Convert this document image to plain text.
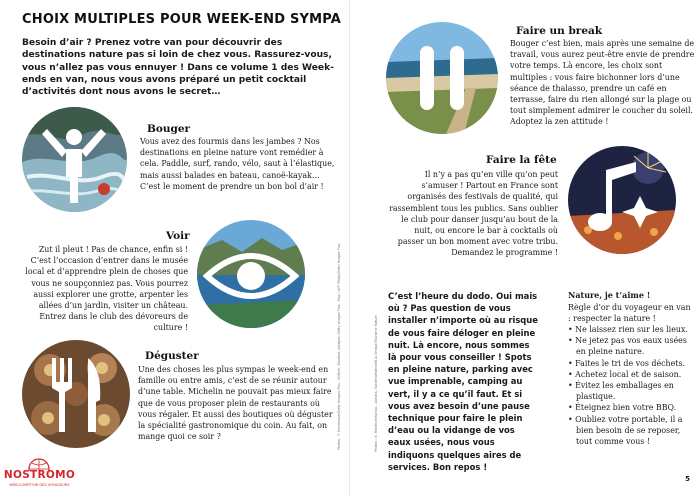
CHOIX MULTIPLES POUR WEEK-END SYMPA

Besoin d’air ? Prenez votre van pour découvrir des destinations nature pas si loin de chez vous. Rassurez-vous, vous n’allez pas vous ennuyer ! Dans ce volume 1 des Week-ends en van, nous vous avons préparé un petit cocktail d’activités dont nous avons le secret…

Bouger

Vous avez des fourmis dans les jambes ? Nos destinations en pleine nature vont remédier à cela. Paddle, surf, rando, vélo, saut à l’élastique, mais aussi balades en bateau, canoë-kayak… C’est le moment de prendre un bon bol d’air !

Voir

Zut il pleut ! Pas de chance, enfin si ! C’est l’occasion d’entrer dans le musée local et d’apprendre plein de choses que vous ne soupçonniez pas. Vous pourrez aussi explorer une grotte, arpenter les allées d’un jardin, visiter un château. Entrez dans le club des dévoreurs de culture !

Déguster

Une des choses les plus sympas le week-end en famille ou entre amis, c’est de se réunir autour d’une table. Michelin ne pouvait pas mieux faire que de vous proposer plein de restaurants où vous régaler. Et aussi des boutiques où déguster la spécialité gastronomique du coin. Au fait, on mange quoi ce soir ?	Photos : P. Dominique/Getty Images Plus - ROBcm, Stocktar, Jultapes, Getty Images Plus - Max / AFP Photo/Getty Images Plus
NOSTROMO
WEB-COMPTOIR DES VOYAGEURS
Faire un break

Bouger c’est bien, mais après une semaine de travail, vous aurez peut-être envie de prendre votre temps. Là encore, les choix sont multiples : vous faire bichonner lors d’une séance de thalasso, prendre un café en terrasse, faire du rien allongé sur la plage ou tout simplement admirer le coucher du soleil. Adoptez la zen attitude !

Faire la fête

Il n’y a pas qu’en ville qu’on peut s’amuser ! Partout en France sont organisés des festivals de qualité, qui rassemblent tous les publics. Sans oublier le club pour danser jusqu’au bout de la nuit, ou encore le bar à cocktails où passer un bon moment avec votre tribu. Demandez le programme !

Photos : B. Marie/ventura/A - Alchina, Sandri/Westend61/A /Image/Tourisme Nature

C’est l’heure du dodo. Oui mais où ? Pas question de vous installer n’importe où au risque de vous faire déloger en pleine nuit. Là encore, nous sommes là pour vous conseiller ! Spots en pleine nature, parking avec vue imprenable, camping au vert, il y a ce qu’il faut. Et si vous avez besoin d’une pause technique pour faire le plein d’eau ou la vidange de vos eaux usées, nous vous indiquons quelques aires de services. Bon repos !

Nature, je t’aime !

Règle d’or du voyageur en van : respecter la nature !

• Ne laissez rien sur les lieux.
• Ne jetez pas vos eaux usées en pleine nature.
• Faites le tri de vos déchets.
• Achetez local et de saison.
• Évitez les emballages en plastique.
• Éteignez bien votre BBQ.
• Oubliez votre portable, il a bien besoin de se reposer, tout comme vous !
5
